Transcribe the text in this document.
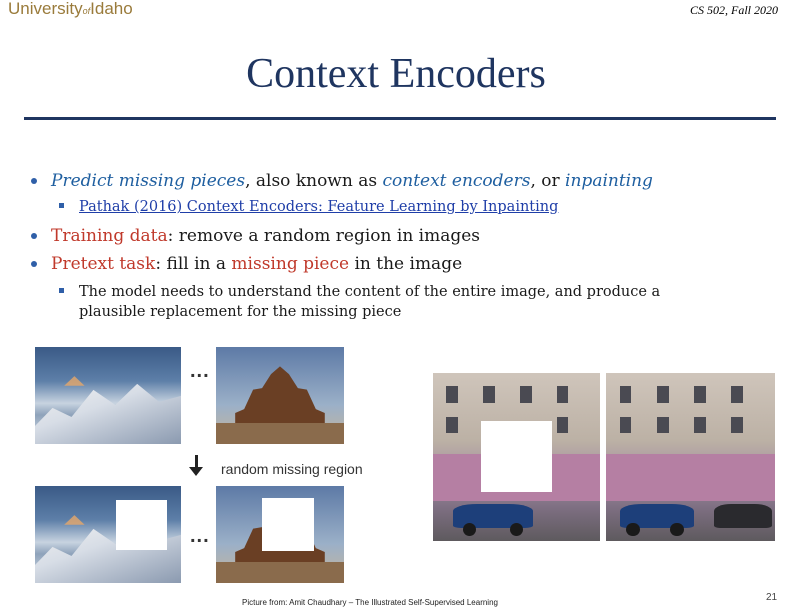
UniversityofIdaho	CS 502, Fall 2020
Context Encoders
Predict missing pieces, also known as context encoders, or inpainting
Pathak (2016) Context Encoders: Feature Learning by Inpainting
Training data: remove a random region in images
Pretext task: fill in a missing piece in the image
The model needs to understand the content of the entire image, and produce a plausible replacement for the missing piece
...
random missing region
...
Picture from: Amit Chaudhary – The Illustrated Self-Supervised Learning	21
